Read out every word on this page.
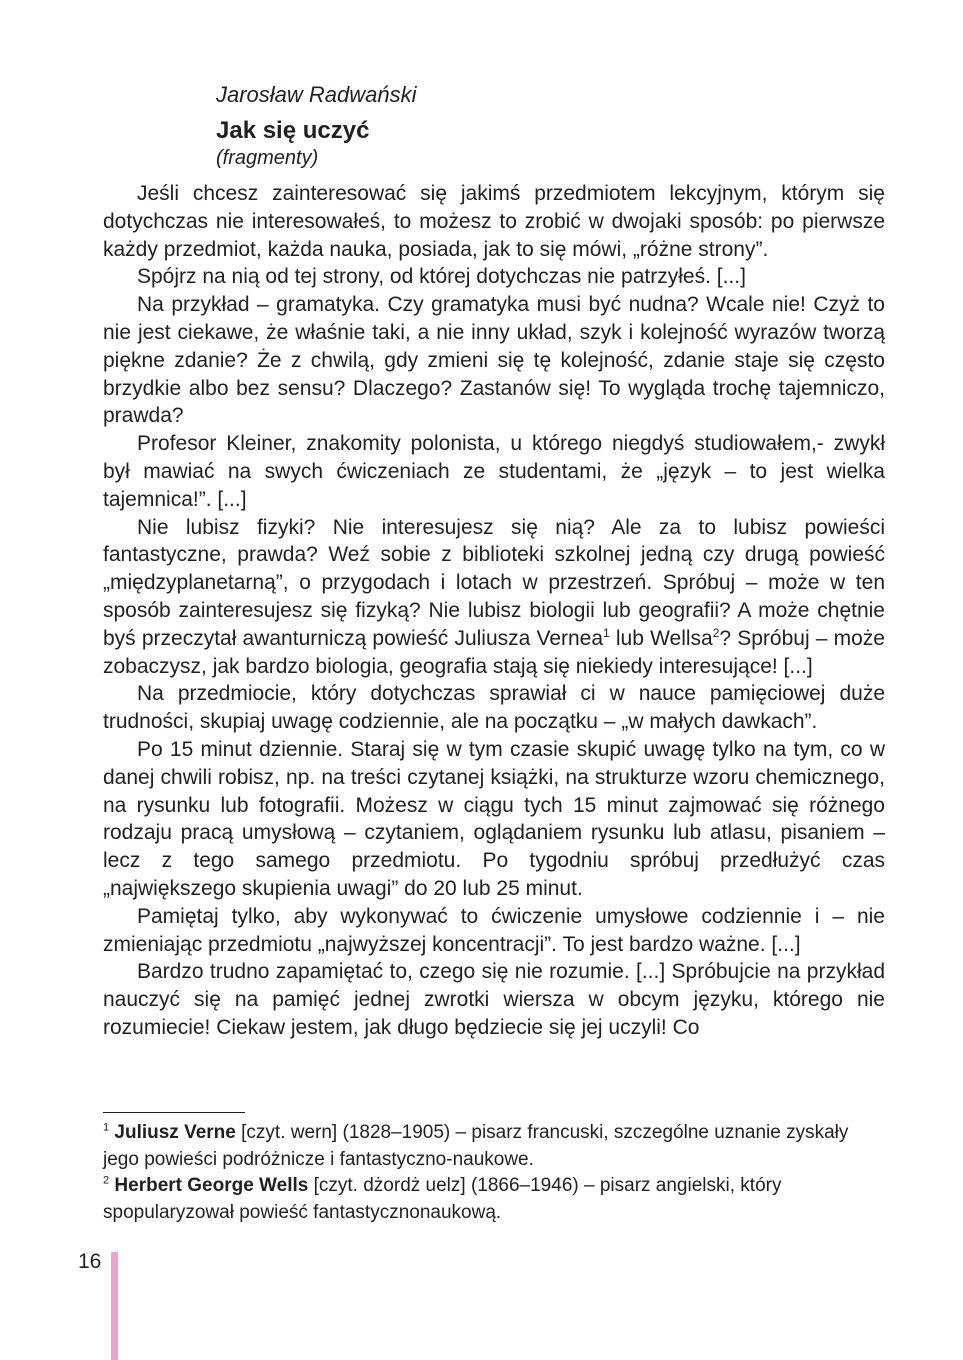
Jarosław Radwański
Jak się uczyć
(fragmenty)

Jeśli chcesz zainteresować się jakimś przedmiotem lekcyjnym, którym się dotychczas nie interesowałeś, to możesz to zrobić w dwojaki sposób: po pierwsze każdy przedmiot, każda nauka, posiada, jak to się mówi, „różne strony”.

Spójrz na nią od tej strony, od której dotychczas nie patrzyłeś. [...]

Na przykład – gramatyka. Czy gramatyka musi być nudna? Wcale nie! Czyż to nie jest ciekawe, że właśnie taki, a nie inny układ, szyk i kolejność wyrazów tworzą piękne zdanie? Że z chwilą, gdy zmieni się tę kolejność, zdanie staje się często brzydkie albo bez sensu? Dlaczego? Zastanów się! To wygląda trochę tajemniczo, prawda?

Profesor Kleiner, znakomity polonista, u którego niegdyś studiowałem,- zwykł był mawiać na swych ćwiczeniach ze studentami, że „język – to jest wielka tajemnica!”. [...]

Nie lubisz fizyki? Nie interesujesz się nią? Ale za to lubisz powieści fantastyczne, prawda? Weź sobie z biblioteki szkolnej jedną czy drugą powieść „międzyplanetarną”, o przygodach i lotach w przestrzeń. Spróbuj – może w ten sposób zainteresujesz się fizyką? Nie lubisz biologii lub geografii? A może chętnie byś przeczytał awanturniczą powieść Juliusza Vernea$^1$ lub Wellsa$^2$? Spróbuj – może zobaczysz, jak bardzo biologia, geografia stają się niekiedy interesujące! [...]

Na przedmiocie, który dotychczas sprawiał ci w nauce pamięciowej duże trudności, skupiaj uwagę codziennie, ale na początku – „w małych dawkach”.

Po 15 minut dziennie. Staraj się w tym czasie skupić uwagę tylko na tym, co w danej chwili robisz, np. na treści czytanej książki, na strukturze wzoru chemicznego, na rysunku lub fotografii. Możesz w ciągu tych 15 minut zajmować się różnego rodzaju pracą umysłową – czytaniem, oglądaniem rysunku lub atlasu, pisaniem – lecz z tego samego przedmiotu. Po tygodniu spróbuj przedłużyć czas „największego skupienia uwagi” do 20 lub 25 minut.

Pamiętaj tylko, aby wykonywać to ćwiczenie umysłowe codziennie i – nie zmieniając przedmiotu „najwyższej koncentracji”. To jest bardzo ważne. [...]

Bardzo trudno zapamiętać to, czego się nie rozumie. [...] Spróbujcie na przykład nauczyć się na pamięć jednej zwrotki wiersza w obcym języku, którego nie rozumiecie! Ciekaw jestem, jak długo będziecie się jej uczyli! Co

$^1$ Juliusz Verne [czyt. wern] (1828–1905) – pisarz francuski, szczególne uznanie zyskały jego powieści podróżnicze i fantastyczno-naukowe.

$^2$ Herbert George Wells [czyt. dżordż uelz] (1866–1946) – pisarz angielski, który spopularyzował powieść fantastycznonaukową.

16
